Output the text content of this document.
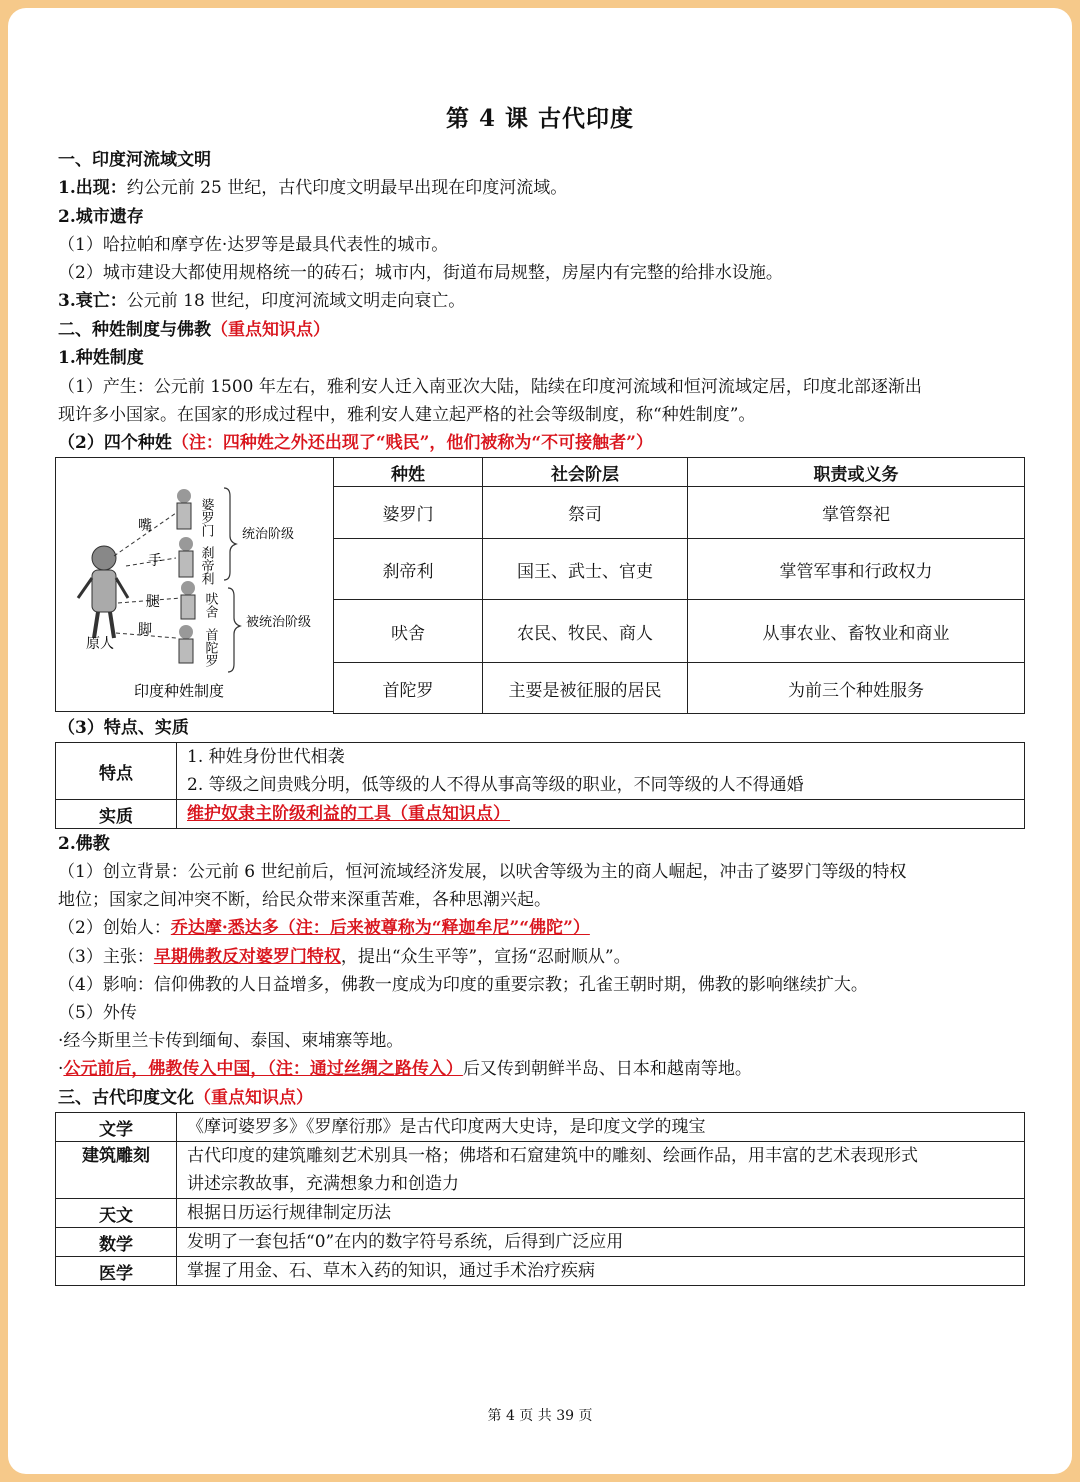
第 4 课 古代印度
一、印度河流域文明
1.出现：约公元前 25 世纪，古代印度文明最早出现在印度河流域。
2.城市遗存
（1）哈拉帕和摩亨佐·达罗等是最具代表性的城市。
（2）城市建设大都使用规格统一的砖石；城市内，街道布局规整，房屋内有完整的给排水设施。
3.衰亡：公元前 18 世纪，印度河流域文明走向衰亡。
二、种姓制度与佛教（重点知识点）
1.种姓制度
（1）产生：公元前 1500 年左右，雅利安人迁入南亚次大陆，陆续在印度河流域和恒河流域定居，印度北部逐渐出
现许多小国家。在国家的形成过程中，雅利安人建立起严格的社会等级制度，称“种姓制度”。
（2）四个种姓（注：四种姓之外还出现了“贱民”，他们被称为“不可接触者”）
嘴
手
腿
脚
原人
婆罗门
刹帝利
吠舍
首陀罗
统治阶级
被统治阶级
印度种姓制度
	种姓	社会阶层	职责或义务
	婆罗门	祭司	掌管祭祀
	刹帝利	国王、武士、官吏	掌管军事和行政权力
	吠舍	农民、牧民、商人	从事农业、畜牧业和商业
	首陀罗	主要是被征服的居民	为前三个种姓服务
（3）特点、实质
特点	1. 种姓身份世代相袭
2. 等级之间贵贱分明，低等级的人不得从事高等级的职业，不同等级的人不得通婚

实质	维护奴隶主阶级利益的工具（重点知识点）
2.佛教
（1）创立背景：公元前 6 世纪前后，恒河流域经济发展，以吠舍等级为主的商人崛起，冲击了婆罗门等级的特权
地位；国家之间冲突不断，给民众带来深重苦难，各种思潮兴起。
（2）创始人：乔达摩·悉达多（注：后来被尊称为“释迦牟尼”“佛陀”）
（3）主张：早期佛教反对婆罗门特权，提出“众生平等”，宣扬“忍耐顺从”。
（4）影响：信仰佛教的人日益增多，佛教一度成为印度的重要宗教；孔雀王朝时期，佛教的影响继续扩大。
（5）外传
·经今斯里兰卡传到缅甸、泰国、柬埔寨等地。
·公元前后，佛教传入中国，（注：通过丝绸之路传入）后又传到朝鲜半岛、日本和越南等地。
三、古代印度文化（重点知识点）
文学	《摩诃婆罗多》《罗摩衍那》是古代印度两大史诗，是印度文学的瑰宝
建筑雕刻	古代印度的建筑雕刻艺术别具一格；佛塔和石窟建筑中的雕刻、绘画作品，用丰富的艺术表现形式
讲述宗教故事，充满想象力和创造力

天文	根据日历运行规律制定历法
数学	发明了一套包括“0”在内的数字符号系统，后得到广泛应用
医学	掌握了用金、石、草木入药的知识，通过手术治疗疾病
第 4 页 共 39 页
